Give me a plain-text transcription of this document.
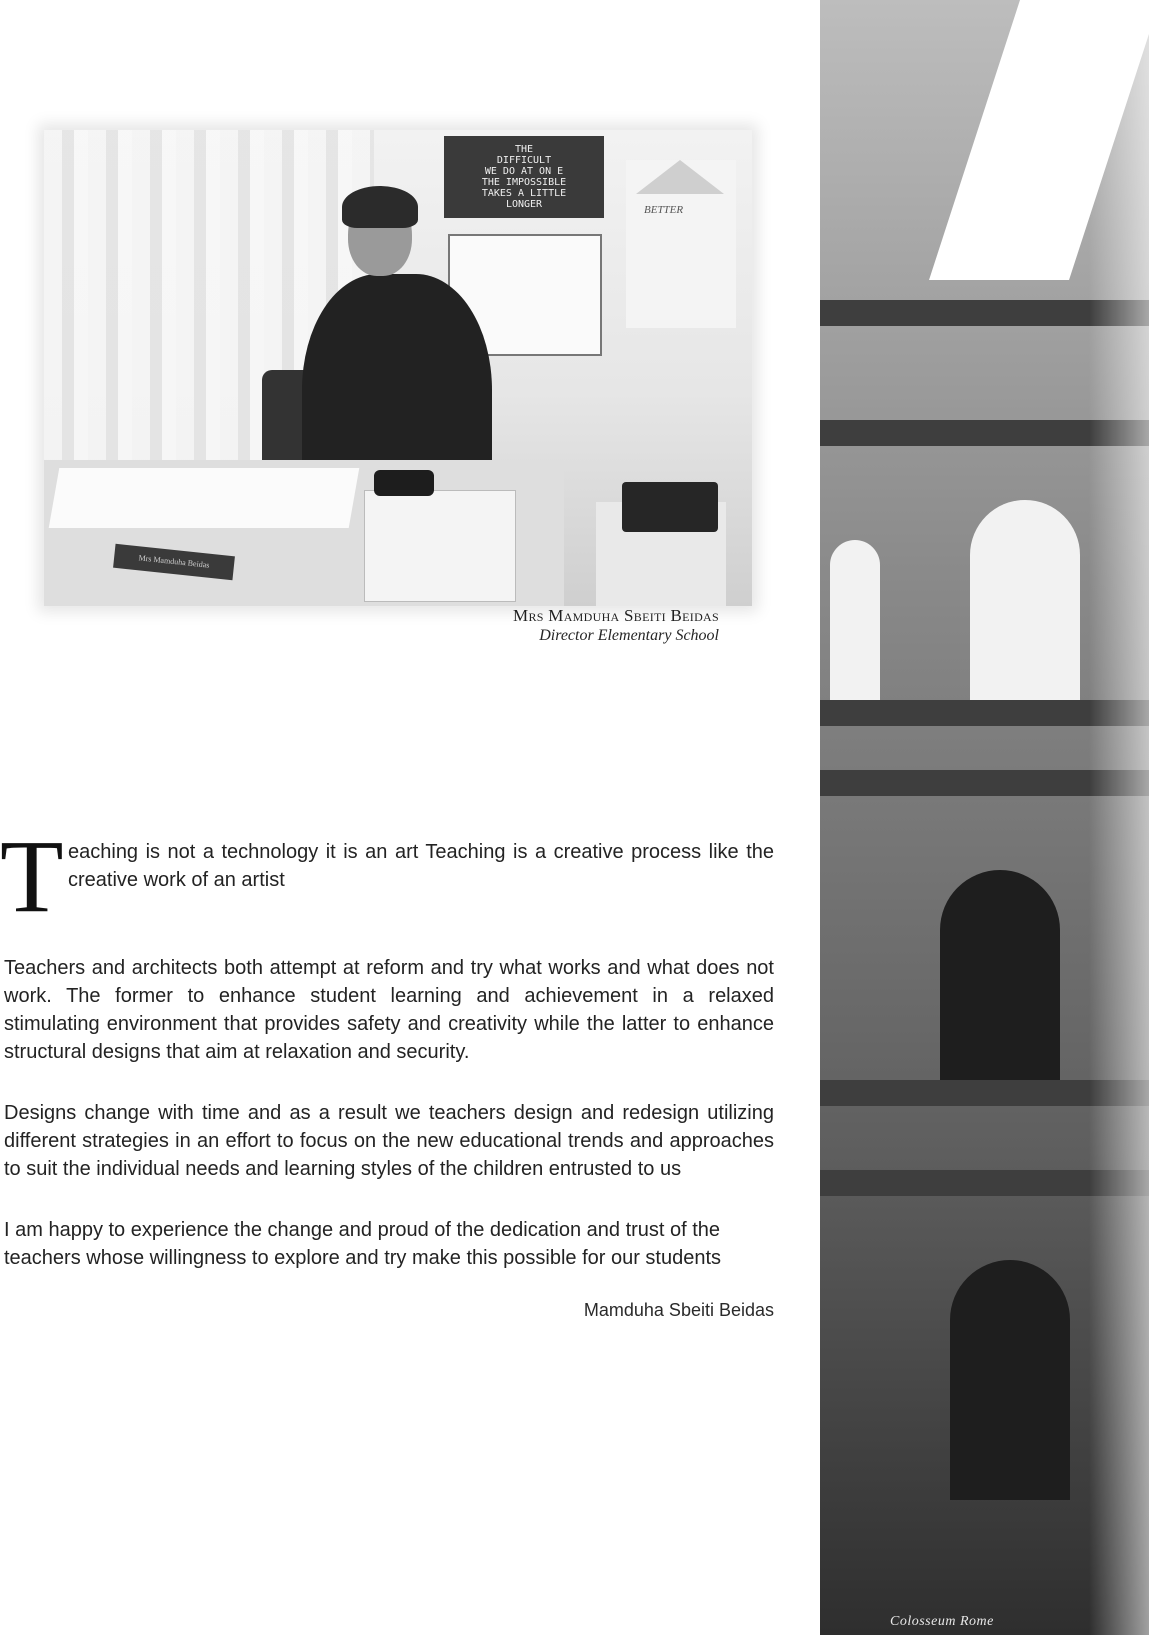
THE
DIFFICULT
WE DO AT ON E
THE IMPOSSIBLE
TAKES A LITTLE
LONGER	BETTER
Mrs Mamduha Beidas
Mrs Mamduha Sbeiti Beidas
Director Elementary School
T eaching is not a technology it is an art Teaching is a creative process like the creative work of an artist
Teachers and architects both attempt at reform and try what works and what does not work. The former to enhance student learning and achievement in a relaxed stimulating environment that provides safety and creativity while the latter to enhance structural designs that aim at relaxation and security.
Designs change with time and as a result we teachers design and redesign utilizing different strategies in an effort to focus on the new educational trends and approaches to suit the individual needs and learning styles of the children entrusted to us
I am happy to experience the change and proud of the dedication and trust of the teachers whose willingness to explore and try make this possible for our students
Mamduha Sbeiti Beidas
Colosseum Rome
